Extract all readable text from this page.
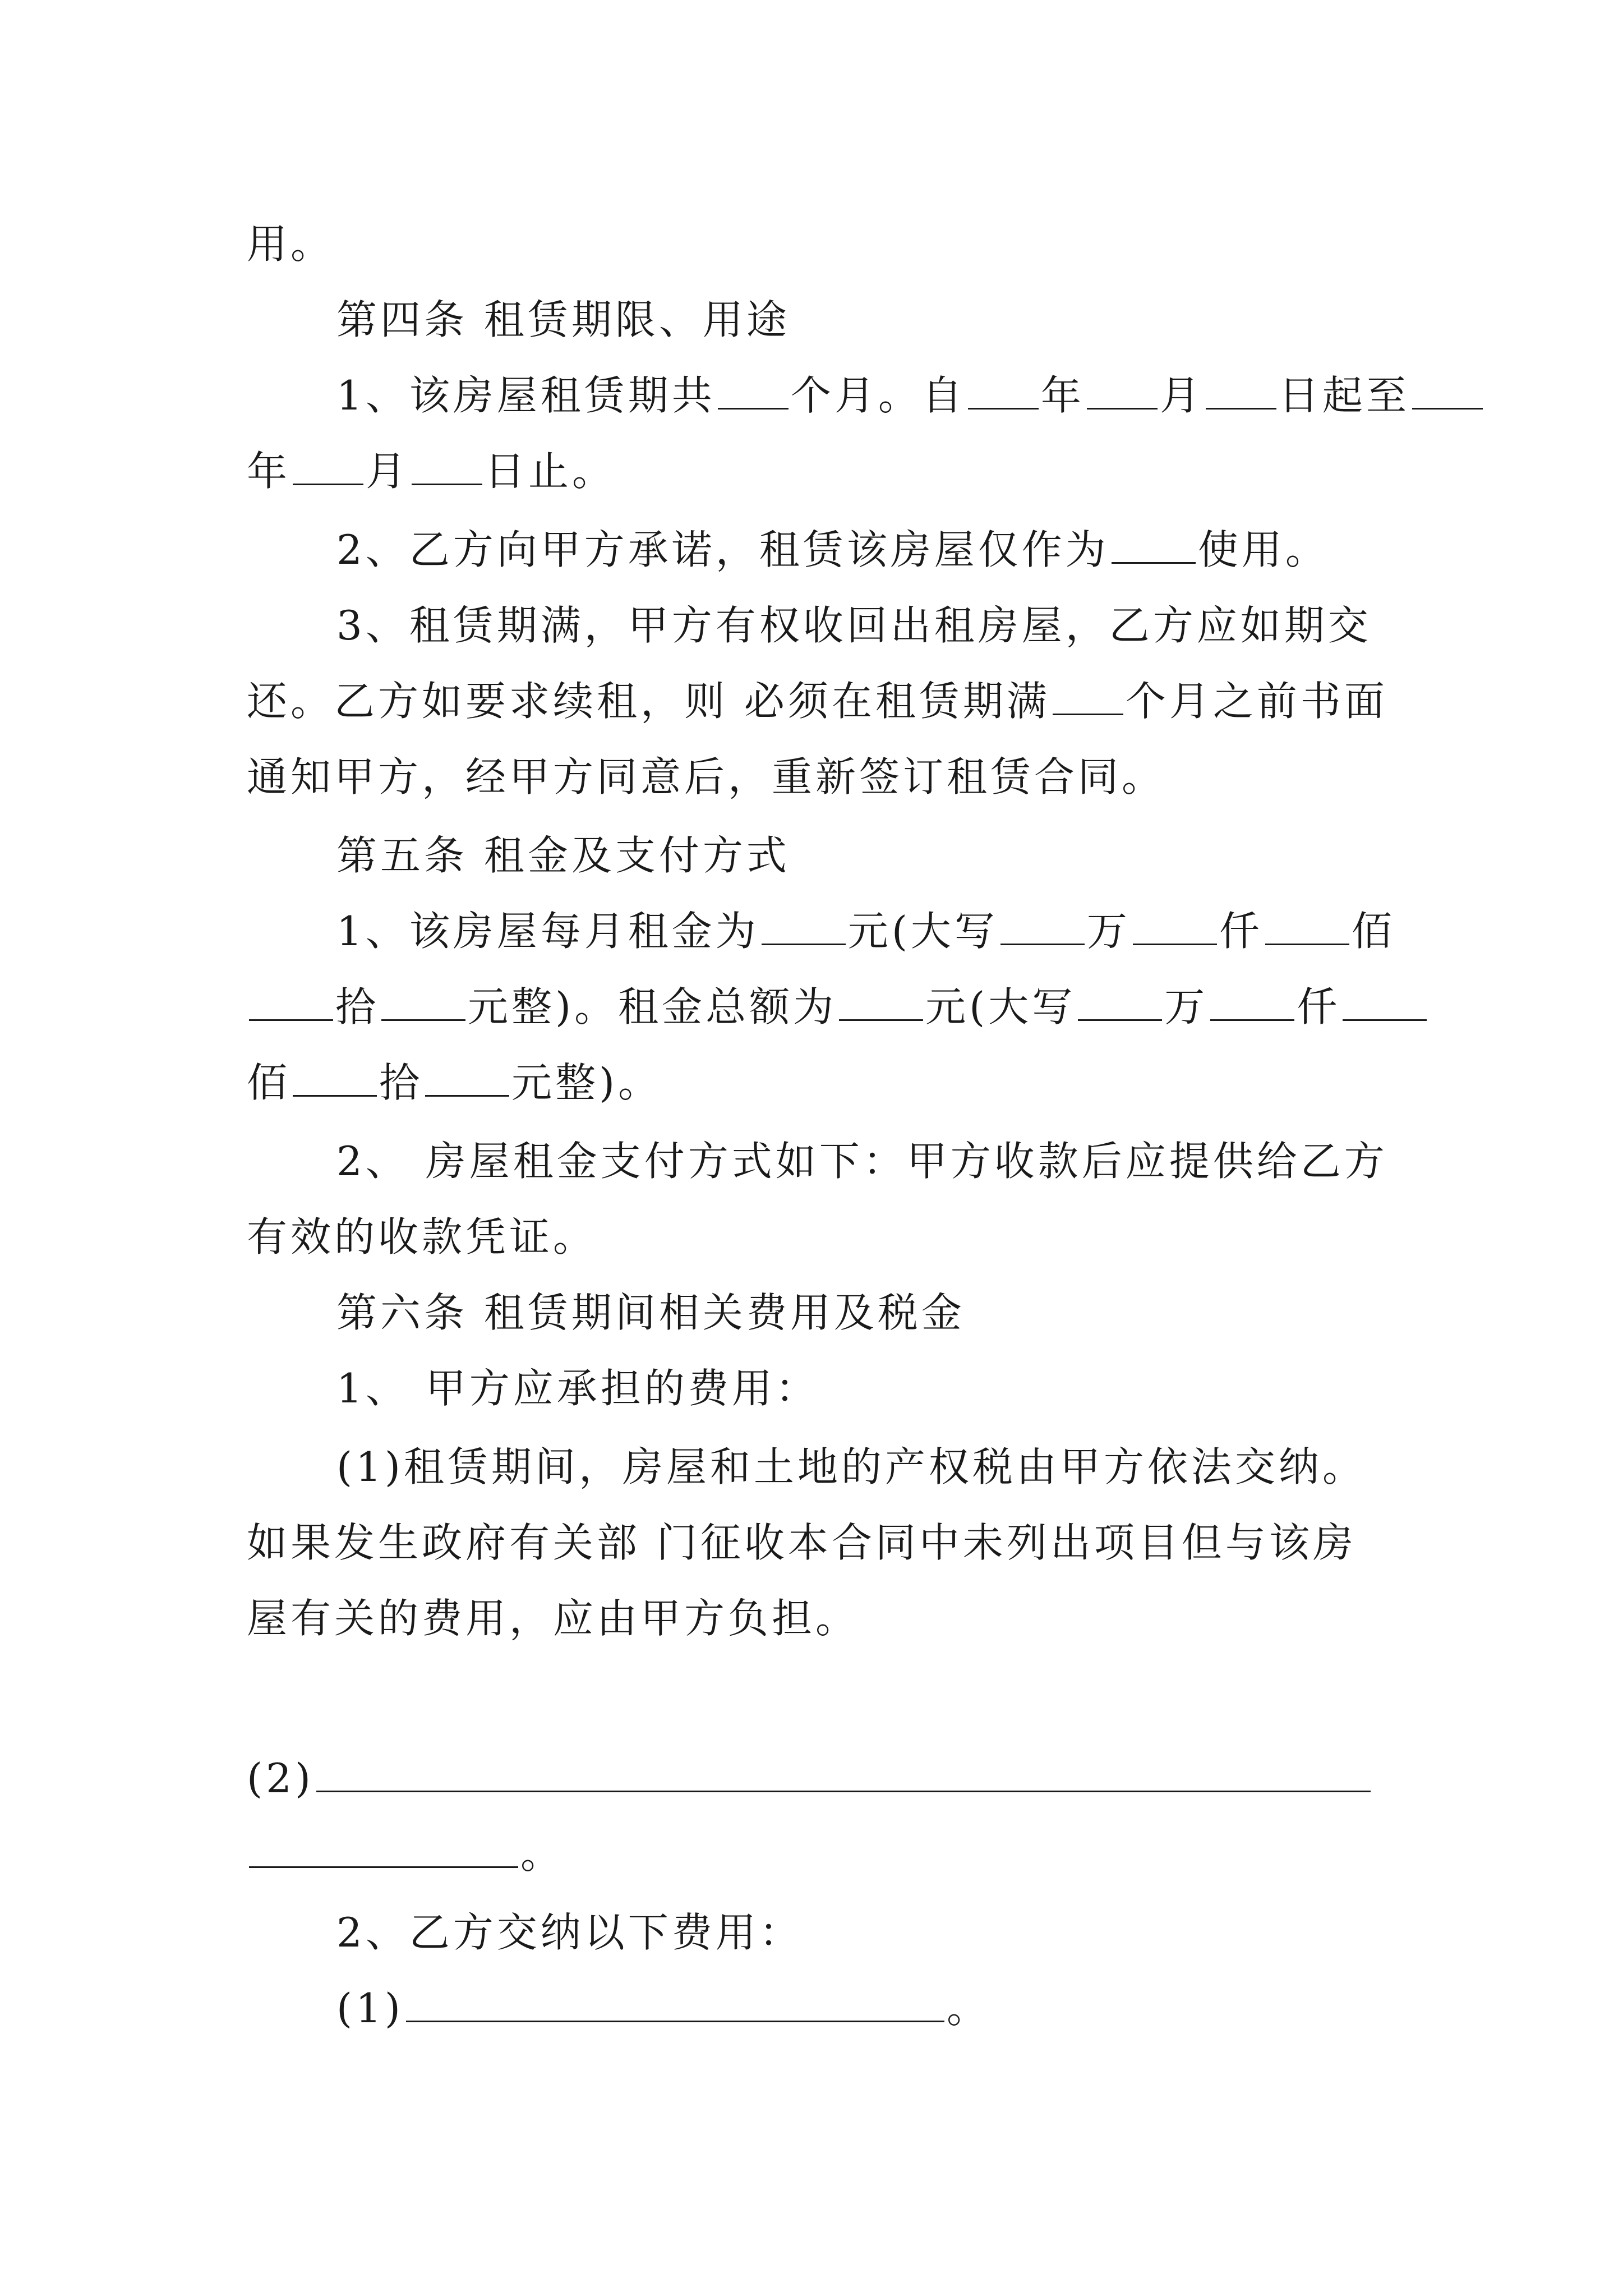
用。
第四条 租赁期限、用途
1、该房屋租赁期共 个月。自 年 月 日起至
年 月 日止。
2、乙方向甲方承诺，租赁该房屋仅作为 使用。
3、租赁期满，甲方有权收回出租房屋，乙方应如期交
还。乙方如要求续租，则 必须在租赁期满 个月之前书面
通知甲方，经甲方同意后，重新签订租赁合同。
第五条 租金及支付方式
1、该房屋每月租金为 元(大写 万 仟 佰
拾 元整)。租金总额为 元(大写 万 仟
佰 拾 元整)。
2、 房屋租金支付方式如下：甲方收款后应提供给乙方
有效的收款凭证。
第六条 租赁期间相关费用及税金
1、 甲方应承担的费用：
(1)租赁期间，房屋和土地的产权税由甲方依法交纳。
如果发生政府有关部 门征收本合同中未列出项目但与该房
屋有关的费用，应由甲方负担。
(2)
。
2、乙方交纳以下费用：
(1)	。
